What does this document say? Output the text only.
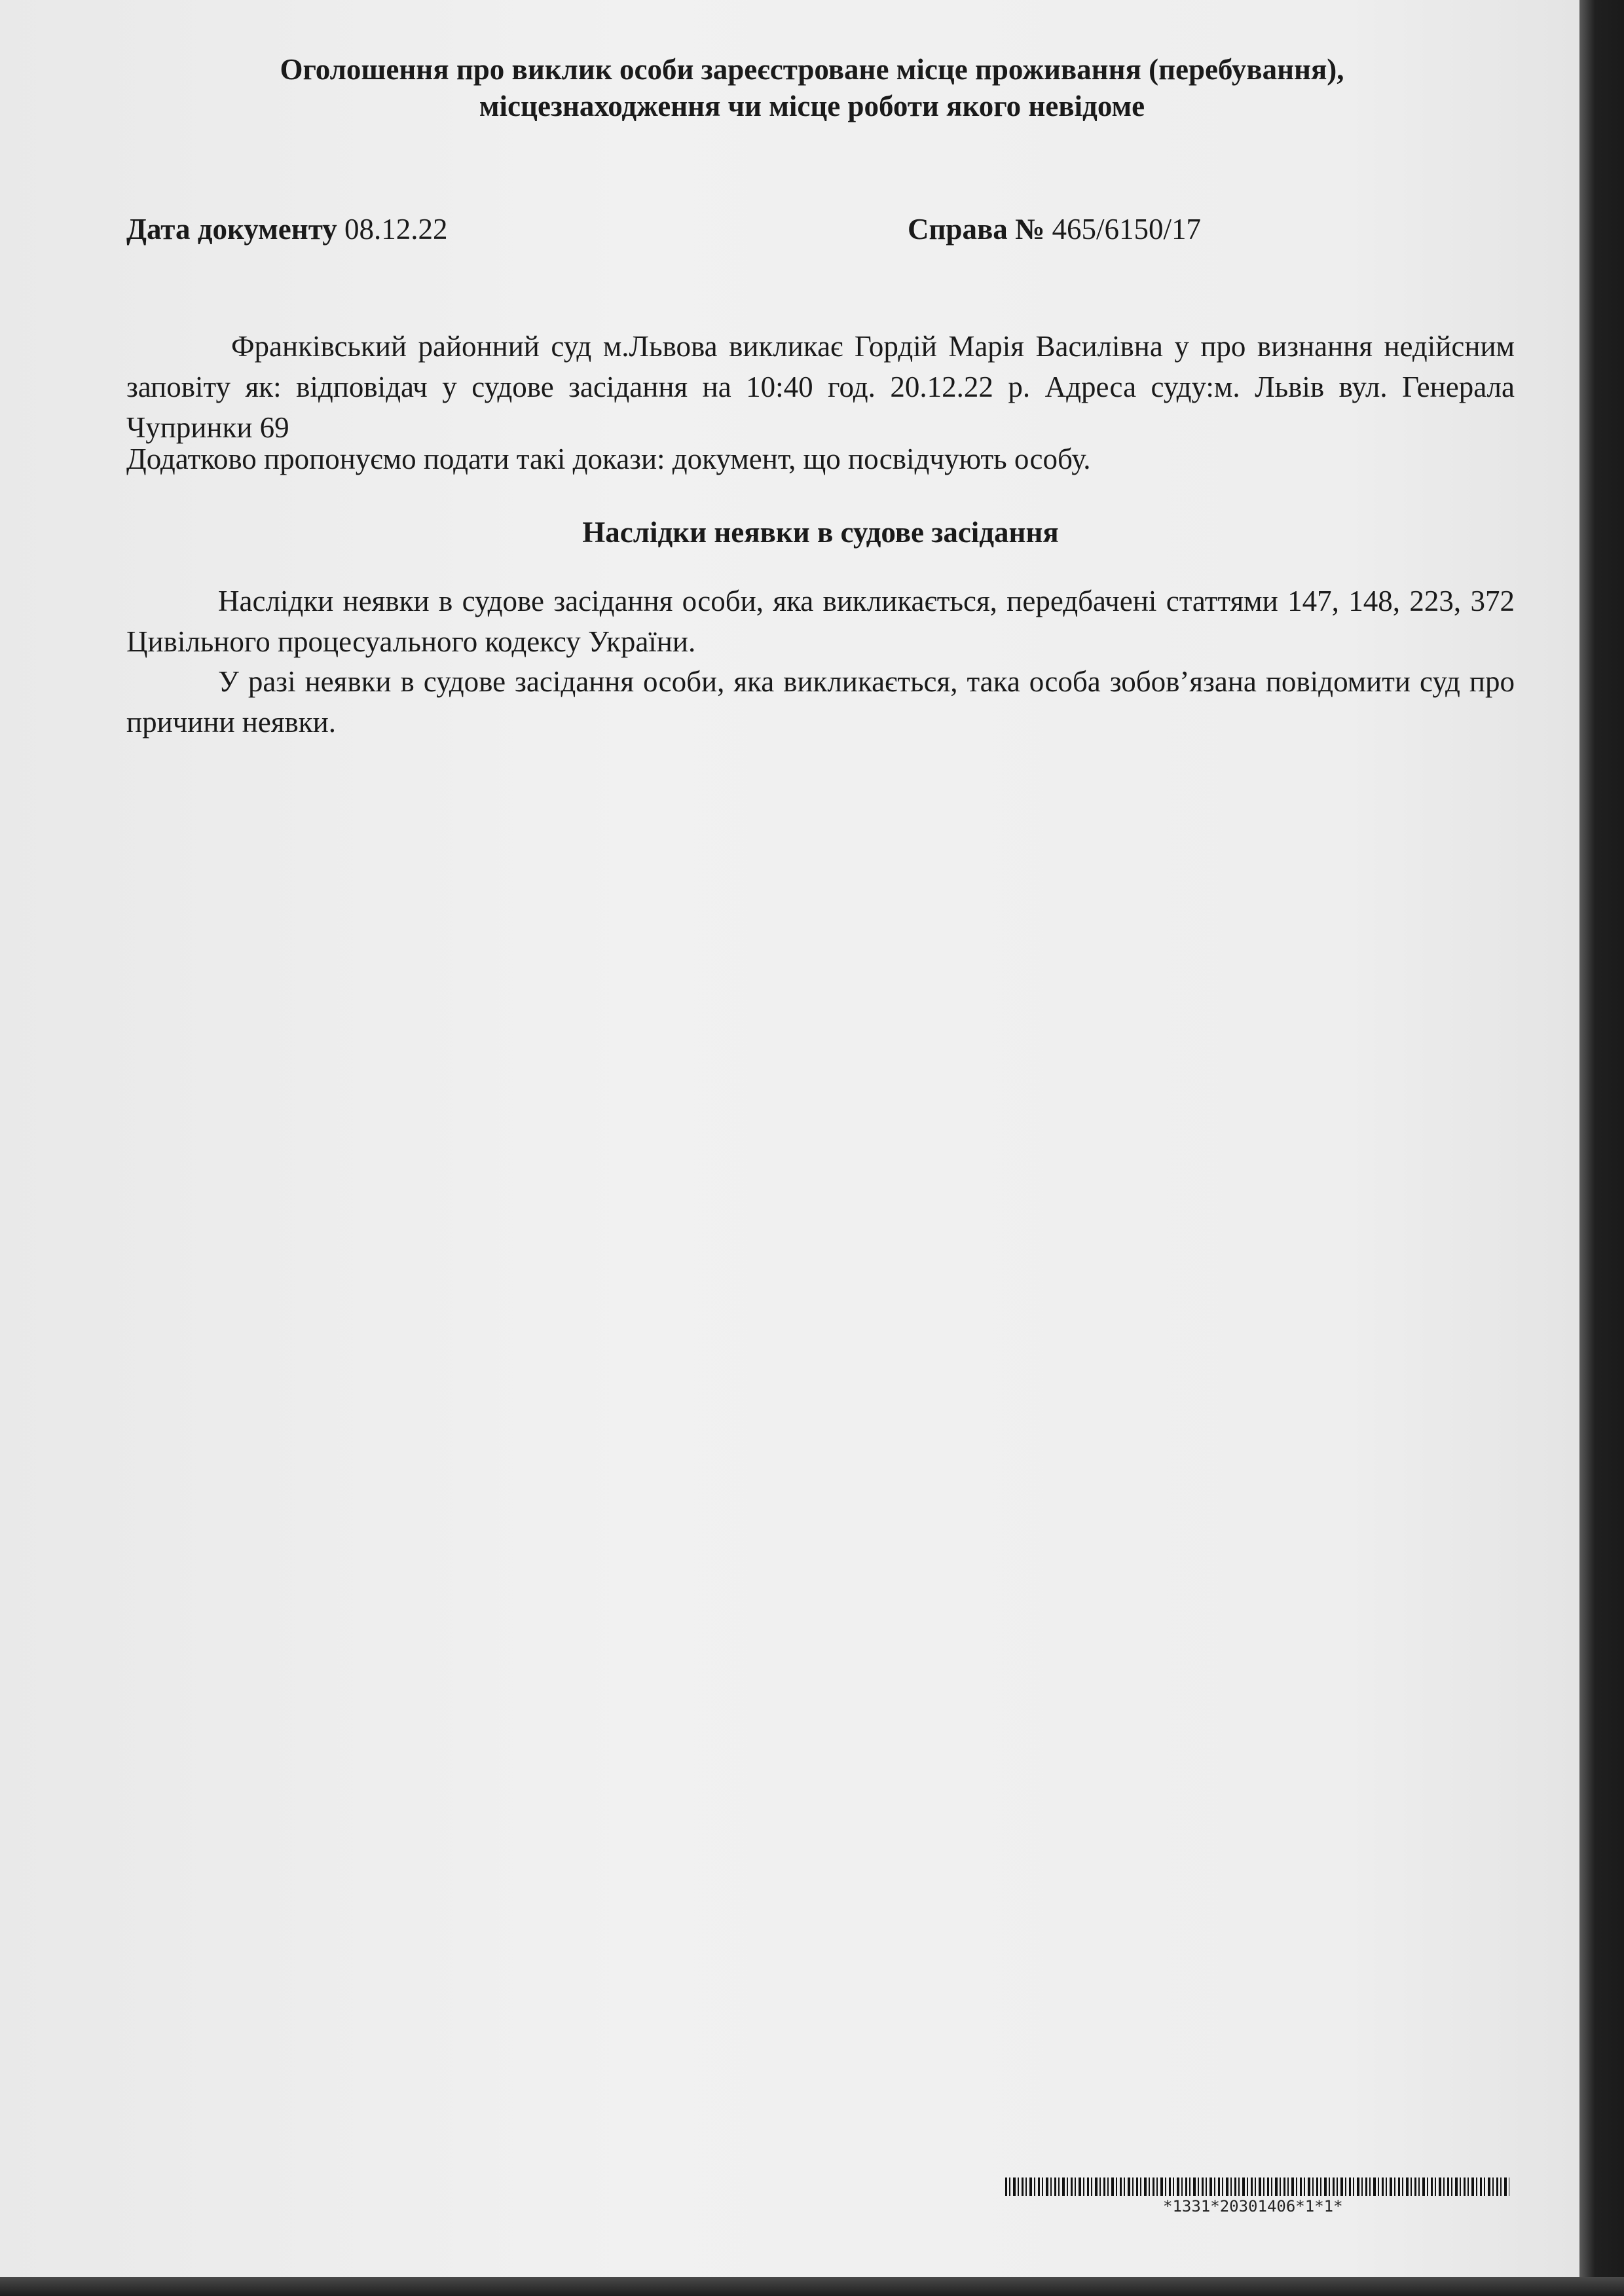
Оголошення про виклик особи зареєстроване місце проживання (перебування),
місцезнаходження чи місце роботи якого невідоме
Дата документу 08.12.22	Справа № 465/6150/17
Франківський районний суд м.Львова викликає Гордій Марія Василівна у про визнання недійсним заповіту як: відповідач у судове засідання на 10:40 год. 20.12.22 р. Адреса суду:м. Львів вул. Генерала Чупринки 69
Додатково пропонуємо подати такі докази: документ, що посвідчують особу.
Наслідки неявки в судове засідання
Наслідки неявки в судове засідання особи, яка викликається, передбачені статтями 147, 148, 223, 372 Цивільного процесуального кодексу України.
У разі неявки в судове засідання особи, яка викликається, така особа зобов’язана повідомити суд про причини неявки.
*1331*20301406*1*1*
